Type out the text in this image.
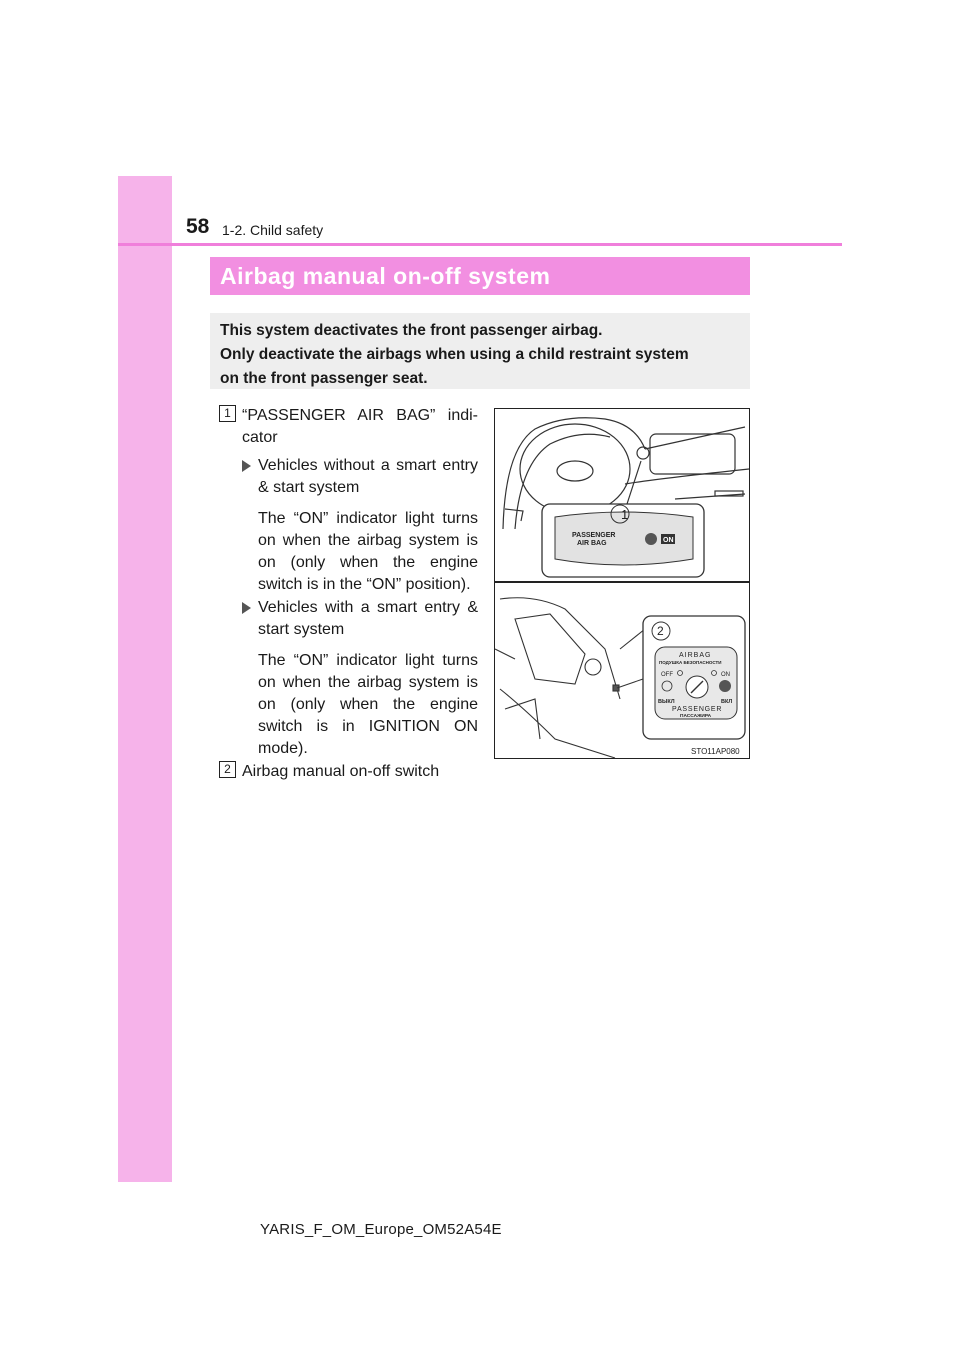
58 1-2. Child safety
Airbag manual on-off system
This system deactivates the front passenger airbag.
Only deactivate the airbags when using a child restraint system
on the front passenger seat.
1 “PASSENGER AIR BAG” indi-
cator
Vehicles without a smart entry & start system
The “ON” indicator light turns on when the airbag system is on (only when the engine switch is in the “ON” position).
Vehicles with a smart entry & start system
The “ON” indicator light turns on when the airbag system is on (only when the engine switch is in IGNITION ON mode).
2 Airbag manual on-off switch
1
PASSENGER
AIR BAG	ON
2
AIRBAG
ПОДУШКА БЕЗОПАСНОСТИ
OFF	ON
ВЫКЛ	ВКЛ
PASSENGER
ПАССАЖИРА
STO11AP080
YARIS_F_OM_Europe_OM52A54E
